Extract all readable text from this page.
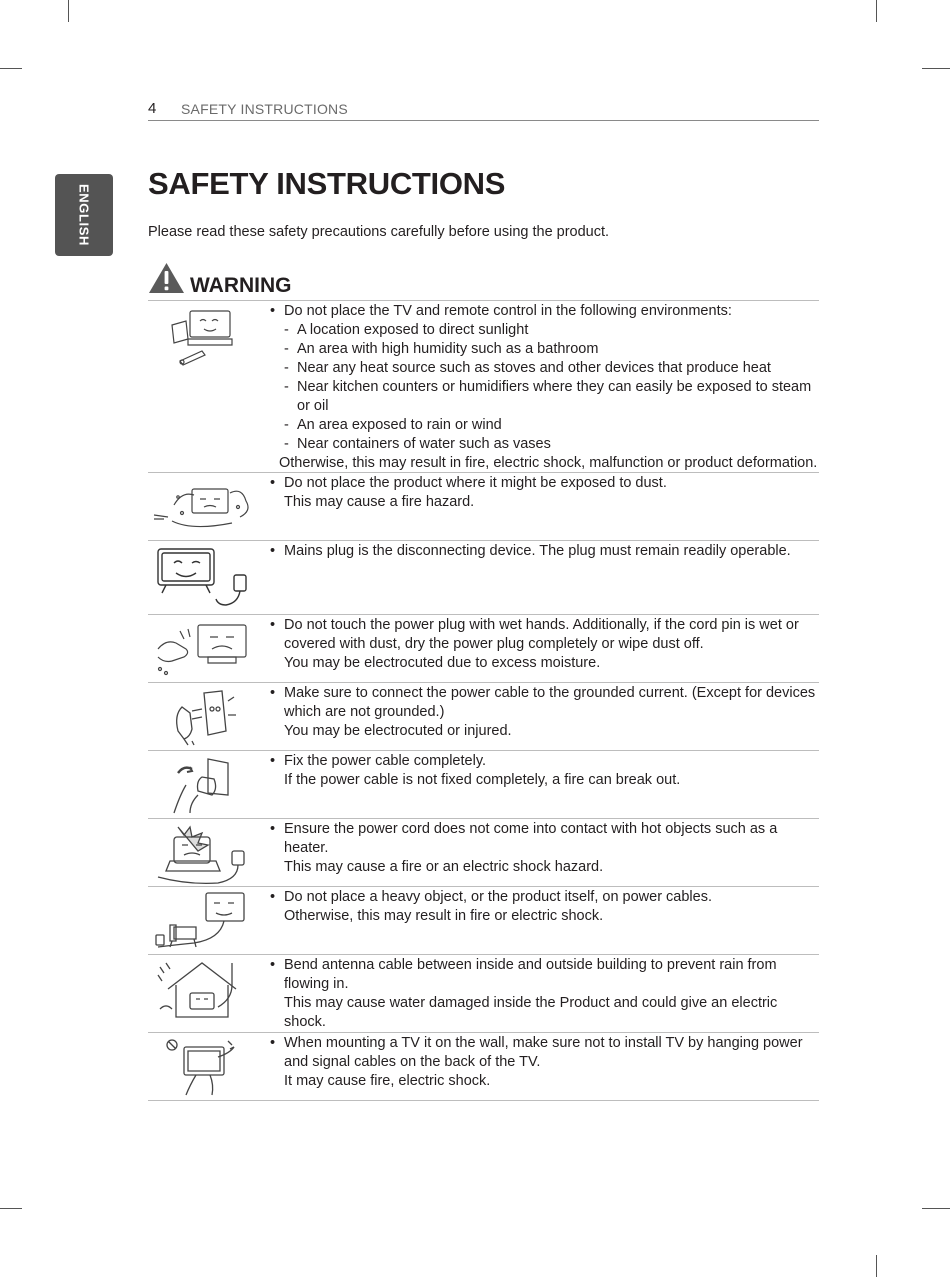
4 SAFETY INSTRUCTIONS
ENGLISH
SAFETY INSTRUCTIONS

Please read these safety precautions carefully before using the product.

WARNING
• Do not place the TV and remote control in the following environments:
- A location exposed to direct sunlight
- An area with high humidity such as a bathroom
- Near any heat source such as stoves and other devices that produce heat
- Near kitchen counters or humidifiers where they can easily be exposed to steam or oil
- An area exposed to rain or wind
- Near containers of water such as vases
Otherwise, this may result in fire, electric shock, malfunction or product deformation.
• Do not place the product where it might be exposed to dust.
This may cause a fire hazard.
• Mains plug is the disconnecting device. The plug must remain readily operable.
• Do not touch the power plug with wet hands. Additionally, if the cord pin is wet or covered with dust, dry the power plug completely or wipe dust off.
You may be electrocuted due to excess moisture.
• Make sure to connect the power cable to the grounded current. (Except for devices which are not grounded.)
You may be electrocuted or injured.
• Fix the power cable completely.
If the power cable is not fixed completely, a fire can break out.
• Ensure the power cord does not come into contact with hot objects such as a heater.
This may cause a fire or an electric shock hazard.
• Do not place a heavy object, or the product itself, on power cables.
Otherwise, this may result in fire or electric shock.
• Bend antenna cable between inside and outside building to prevent rain from flowing in.
This may cause water damaged inside the Product and could give an electric shock.
• When mounting a TV it on the wall, make sure not to install TV by hanging power and signal cables on the back of the TV.
It may cause fire, electric shock.
